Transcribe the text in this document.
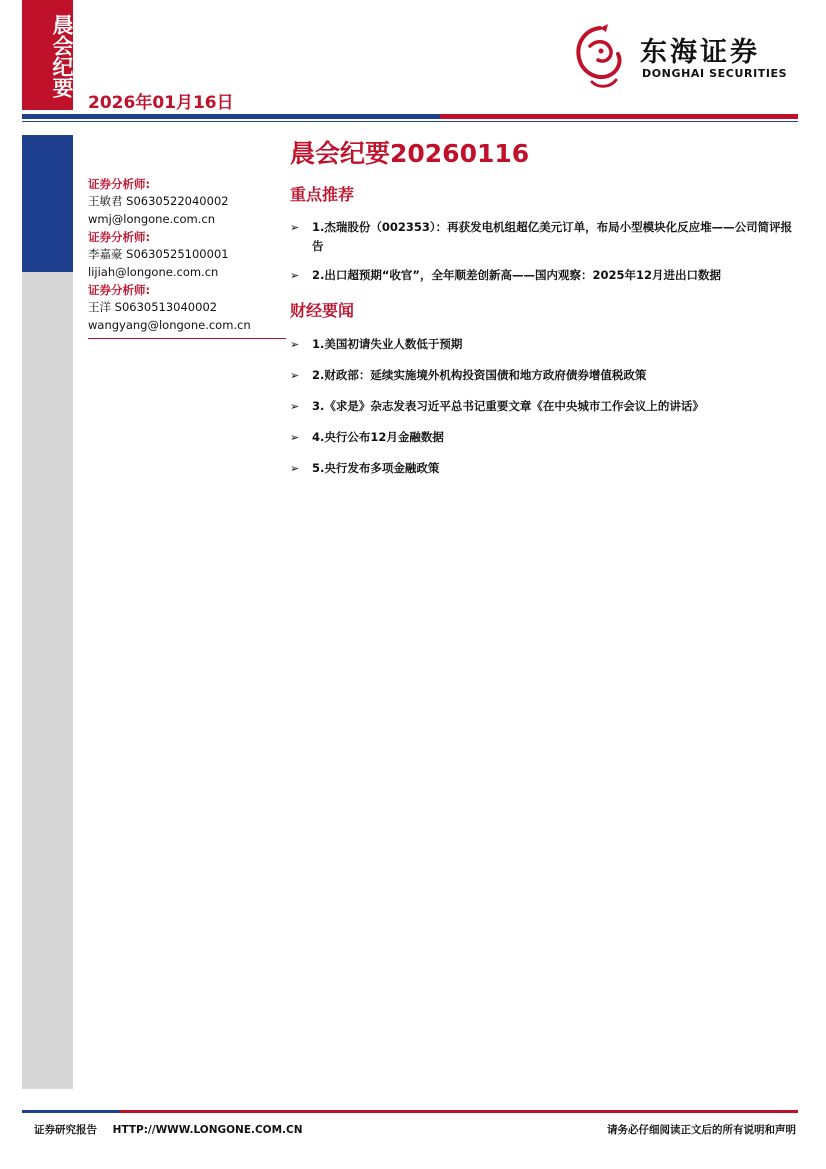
晨会纪要
2026年01月16日
东海证券
DONGHAI SECURITIES
证券分析师:
王敏君 S0630522040002
wmj@longone.com.cn
证券分析师:
李嘉豪 S0630525100001
lijiah@longone.com.cn
证券分析师:
王洋 S0630513040002
wangyang@longone.com.cn
晨会纪要20260116
重点推荐
➢ 1.杰瑞股份（002353）：再获发电机组超亿美元订单，布局小型模块化反应堆——公司简评报告
➢ 2.出口超预期“收官”，全年顺差创新高——国内观察：2025年12月进出口数据
财经要闻
➢ 1.美国初请失业人数低于预期
➢ 2.财政部：延续实施境外机构投资国债和地方政府债券增值税政策
➢ 3.《求是》杂志发表习近平总书记重要文章《在中央城市工作会议上的讲话》
➢ 4.央行公布12月金融数据
➢ 5.央行发布多项金融政策
证券研究报告 HTTP://WWW.LONGONE.COM.CN	请务必仔细阅读正文后的所有说明和声明
